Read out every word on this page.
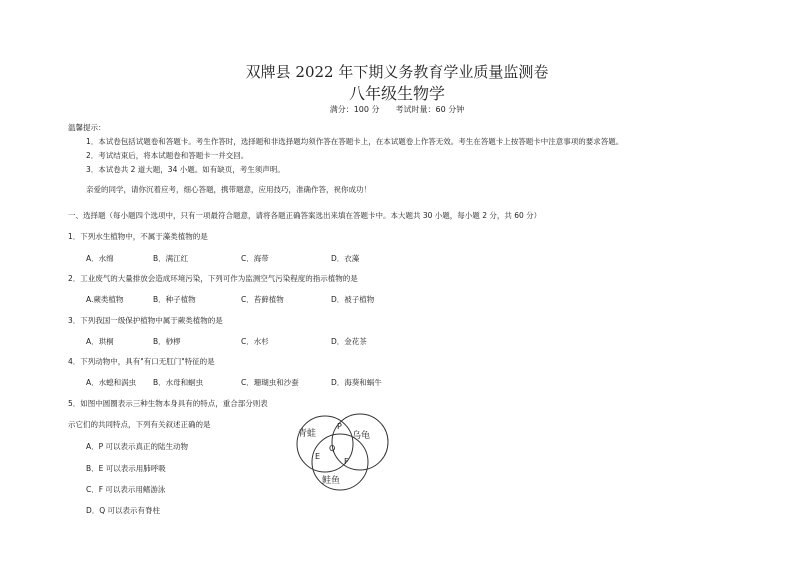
双牌县 2022 年下期义务教育学业质量监测卷
八年级生物学
满分：100 分　　考试时量：60 分钟
温馨提示：
1．本试卷包括试题卷和答题卡。考生作答时，选择题和非选择题均须作答在答题卡上，在本试题卷上作答无效。考生在答题卡上按答题卡中注意事项的要求答题。
2．考试结束后，将本试题卷和答题卡一并交回。
3．本试卷共 2 道大题，34 小题。如有缺页，考生须声明。
亲爱的同学，请你沉着应考，细心答题，携带题意，应用技巧，准确作答，祝你成功！
一、选择题（每小题四个选项中，只有一项最符合题意，请将各题正确答案选出来填在答题卡中。本大题共 30 小题，每小题 2 分，共 60 分）
1．下列水生植物中，不属于藻类植物的是
A．水绵	B．满江红	C．海带	D．衣藻
2．工业废气的大量排放会造成环境污染，下列可作为监测空气污染程度的指示植物的是
A.蕨类植物	B．种子植物	C．苔藓植物	D．被子植物
3．下列我国一级保护植物中属于蕨类植物的是
A．珙桐	B．桫椤	C．水杉	D．金花茶
4．下列动物中，具有"有口无肛门"特征的是
A．水螅和涡虫 B．水母和蛔虫	C．珊瑚虫和沙蚕	D．海葵和蜗牛
5．如图中圆圈表示三种生物本身具有的特点，重合部分则表
示它们的共同特点，下列有关叙述正确的是
A．P 可以表示真正的陆生动物
B．E 可以表示用肺呼吸
C．F 可以表示用鳍游泳
D．Q 可以表示有脊柱
青蛙	乌龟
鲑鱼
P
Q
E
F
